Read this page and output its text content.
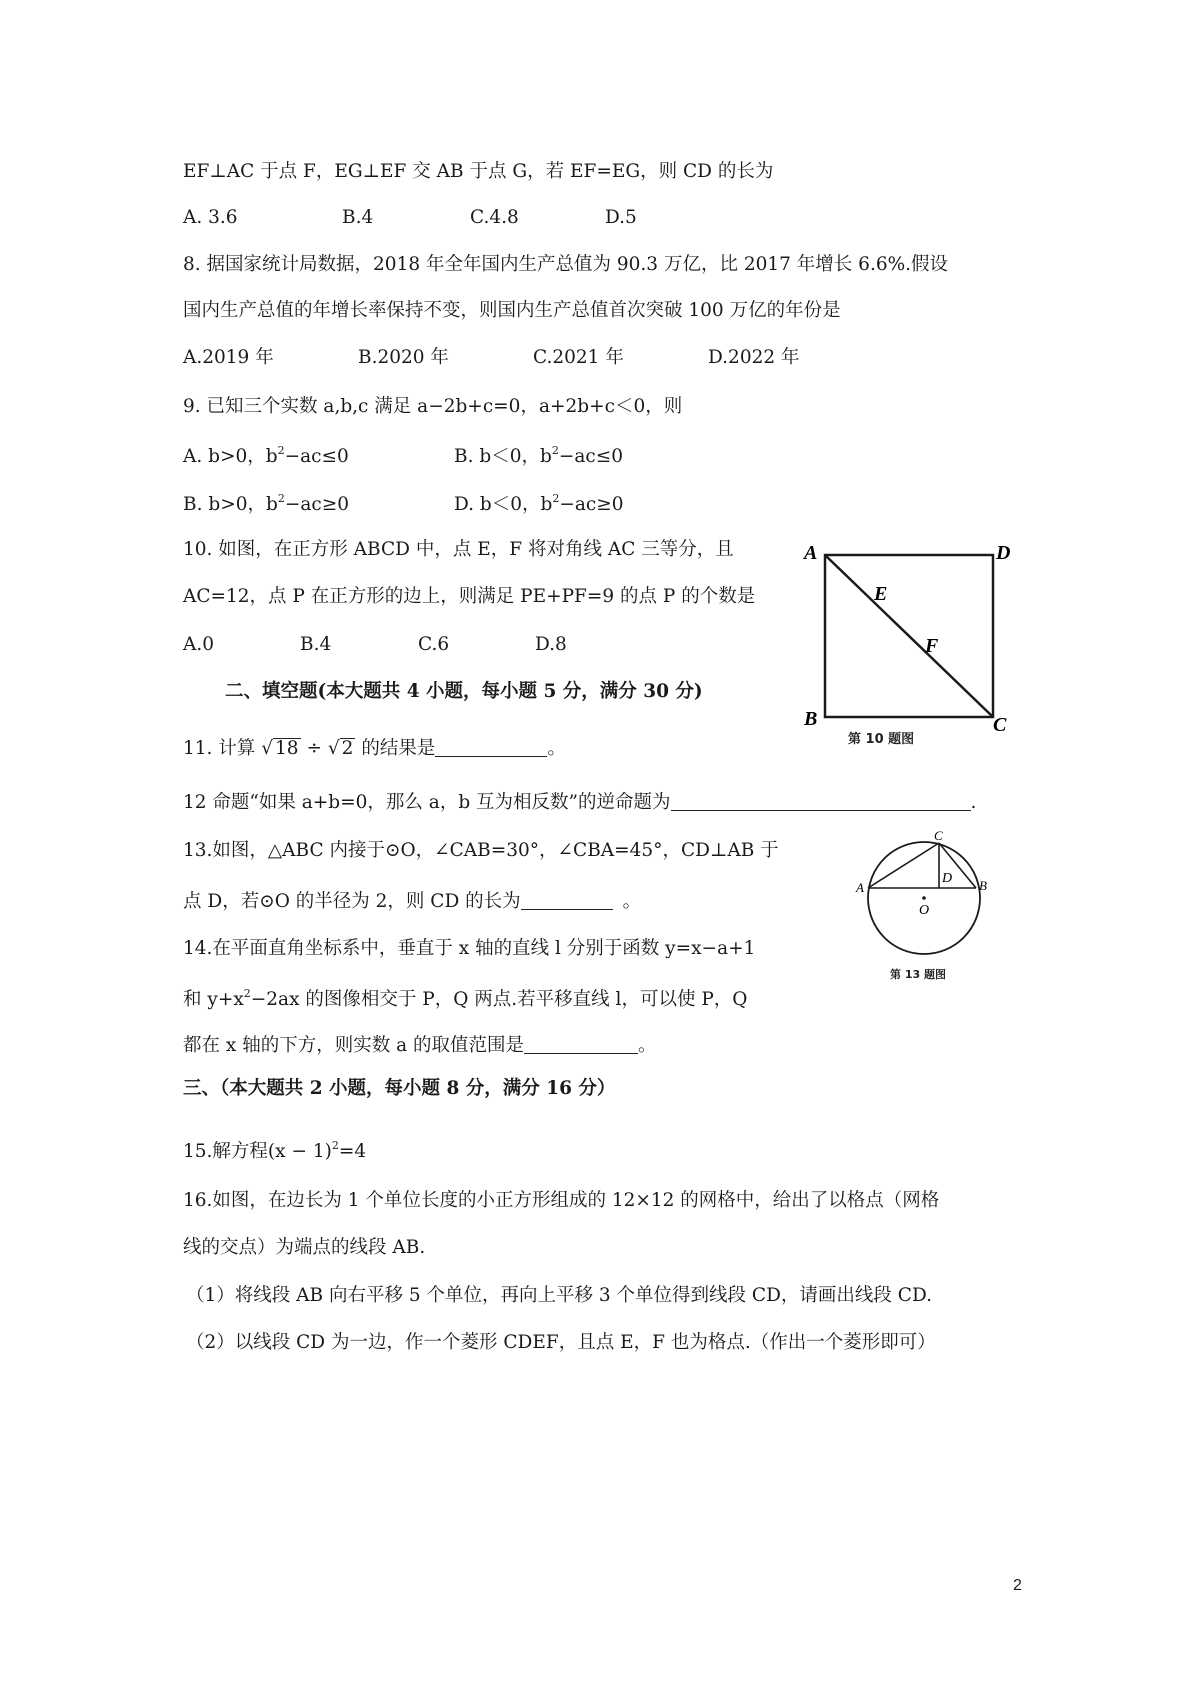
EF⊥AC 于点 F，EG⊥EF 交 AB 于点 G，若 EF=EG，则 CD 的长为
A. 3.6	B.4	C.4.8	D.5
8. 据国家统计局数据，2018 年全年国内生产总值为 90.3 万亿，比 2017 年增长 6.6%.假设
国内生产总值的年增长率保持不变，则国内生产总值首次突破 100 万亿的年份是
A.2019 年	B.2020 年	C.2021 年	D.2022 年
9. 已知三个实数 a,b,c 满足 a−2b+c=0，a+2b+c＜0，则
A. b>0，$b^2-ac\le 0$	B. b＜0，$b^2-ac\le 0$
B. b>0，$b^2-ac\ge 0$	D. b＜0，$b^2-ac\ge 0$
10. 如图，在正方形 ABCD 中，点 E，F 将对角线 AC 三等分，且
AC=12，点 P 在正方形的边上，则满足 PE+PF=9 的点 P 的个数是
A.0	B.4	C.6	D.8
A	D
E
F
B	C
第 10 题图
二、填空题(本大题共 4 小题，每小题 5 分，满分 30 分)
11. 计算 √ 18 ÷ √ 2 的结果是	。
12 命题“如果 a+b=0，那么 a，b 互为相反数”的逆命题为	.
13.如图，△ABC 内接于⊙O，∠CAB=30°，∠CBA=45°，CD⊥AB 于
点 D，若⊙O 的半径为 2，则 CD 的长为	。
C
A	B
D
O
第 13 题图
14.在平面直角坐标系中，垂直于 x 轴的直线 l 分别于函数 y=x−a+1
和 $y+x^2-2ax$ 的图像相交于 P，Q 两点.若平移直线 l，可以使 P，Q
都在 x 轴的下方，则实数 a 的取值范围是	。
三、（本大题共 2 小题，每小题 8 分，满分 16 分）
15.解方程$(x - 1)^2=4$
16.如图，在边长为 1 个单位长度的小正方形组成的 12×12 的网格中，给出了以格点（网格
线的交点）为端点的线段 AB.
（1）将线段 AB 向右平移 5 个单位，再向上平移 3 个单位得到线段 CD，请画出线段 CD.
（2）以线段 CD 为一边，作一个菱形 CDEF，且点 E，F 也为格点.（作出一个菱形即可）
2
